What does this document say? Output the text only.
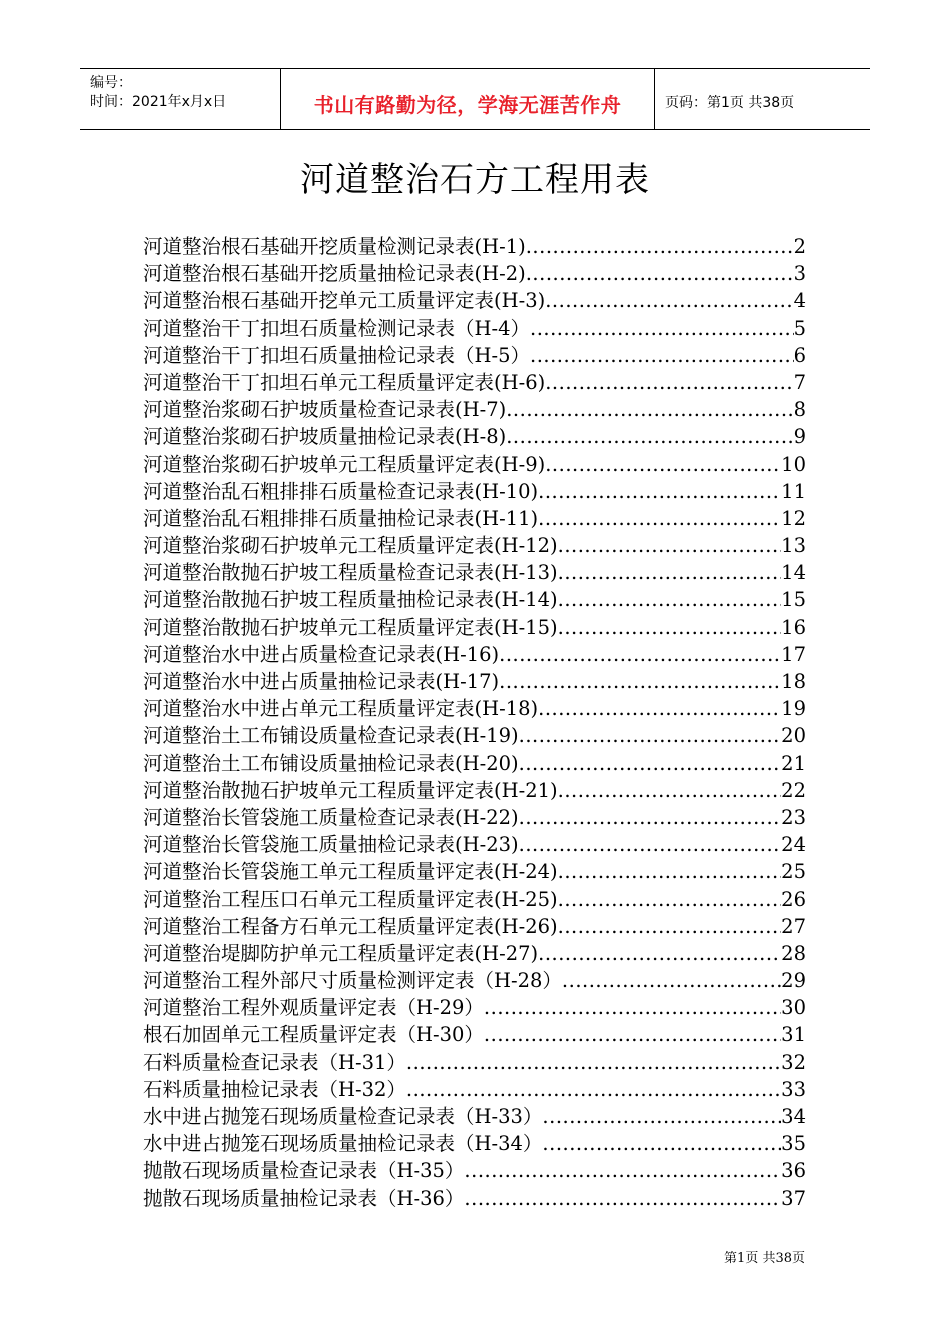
编号：
时间：2021年x月x日	书山有路勤为径，学海无涯苦作舟	页码：第1页 共38页
河道整治石方工程用表
河道整治根石基础开挖质量检测记录表(H-1) .....	2
河道整治根石基础开挖质量抽检记录表(H-2) .....	3
河道整治根石基础开挖单元工质量评定表(H-3) .....	4
河道整治干丁扣坦石质量检测记录表（H-4） .....	5
河道整治干丁扣坦石质量抽检记录表（H-5） .....	6
河道整治干丁扣坦石单元工程质量评定表(H-6) .....	7
河道整治浆砌石护坡质量检查记录表(H-7) .....	8
河道整治浆砌石护坡质量抽检记录表(H-8) .....	9
河道整治浆砌石护坡单元工程质量评定表(H-9) .....	10
河道整治乱石粗排排石质量检查记录表(H-10) .....	11
河道整治乱石粗排排石质量抽检记录表(H-11) .....	12
河道整治浆砌石护坡单元工程质量评定表(H-12) .....	13
河道整治散抛石护坡工程质量检查记录表(H-13) .....	14
河道整治散抛石护坡工程质量抽检记录表(H-14) .....	15
河道整治散抛石护坡单元工程质量评定表(H-15) .....	16
河道整治水中进占质量检查记录表(H-16) .....	17
河道整治水中进占质量抽检记录表(H-17) .....	18
河道整治水中进占单元工程质量评定表(H-18) .....	19
河道整治土工布铺设质量检查记录表(H-19) .....	20
河道整治土工布铺设质量抽检记录表(H-20) .....	21
河道整治散抛石护坡单元工程质量评定表(H-21) .....	22
河道整治长管袋施工质量检查记录表(H-22) .....	23
河道整治长管袋施工质量抽检记录表(H-23) .....	24
河道整治长管袋施工单元工程质量评定表(H-24) .....	25
河道整治工程压口石单元工程质量评定表(H-25) .....	26
河道整治工程备方石单元工程质量评定表(H-26) .....	27
河道整治堤脚防护单元工程质量评定表(H-27) .....	28
河道整治工程外部尺寸质量检测评定表（H-28） .....	29
河道整治工程外观质量评定表（H-29） .....	30
根石加固单元工程质量评定表（H-30） .....	31
石料质量检查记录表（H-31） .....	32
石料质量抽检记录表（H-32） .....	33
水中进占抛笼石现场质量检查记录表（H-33） .....	34
水中进占抛笼石现场质量抽检记录表（H-34） .....	35
抛散石现场质量检查记录表（H-35） .....	36
抛散石现场质量抽检记录表（H-36） .....	37
第1页 共38页
